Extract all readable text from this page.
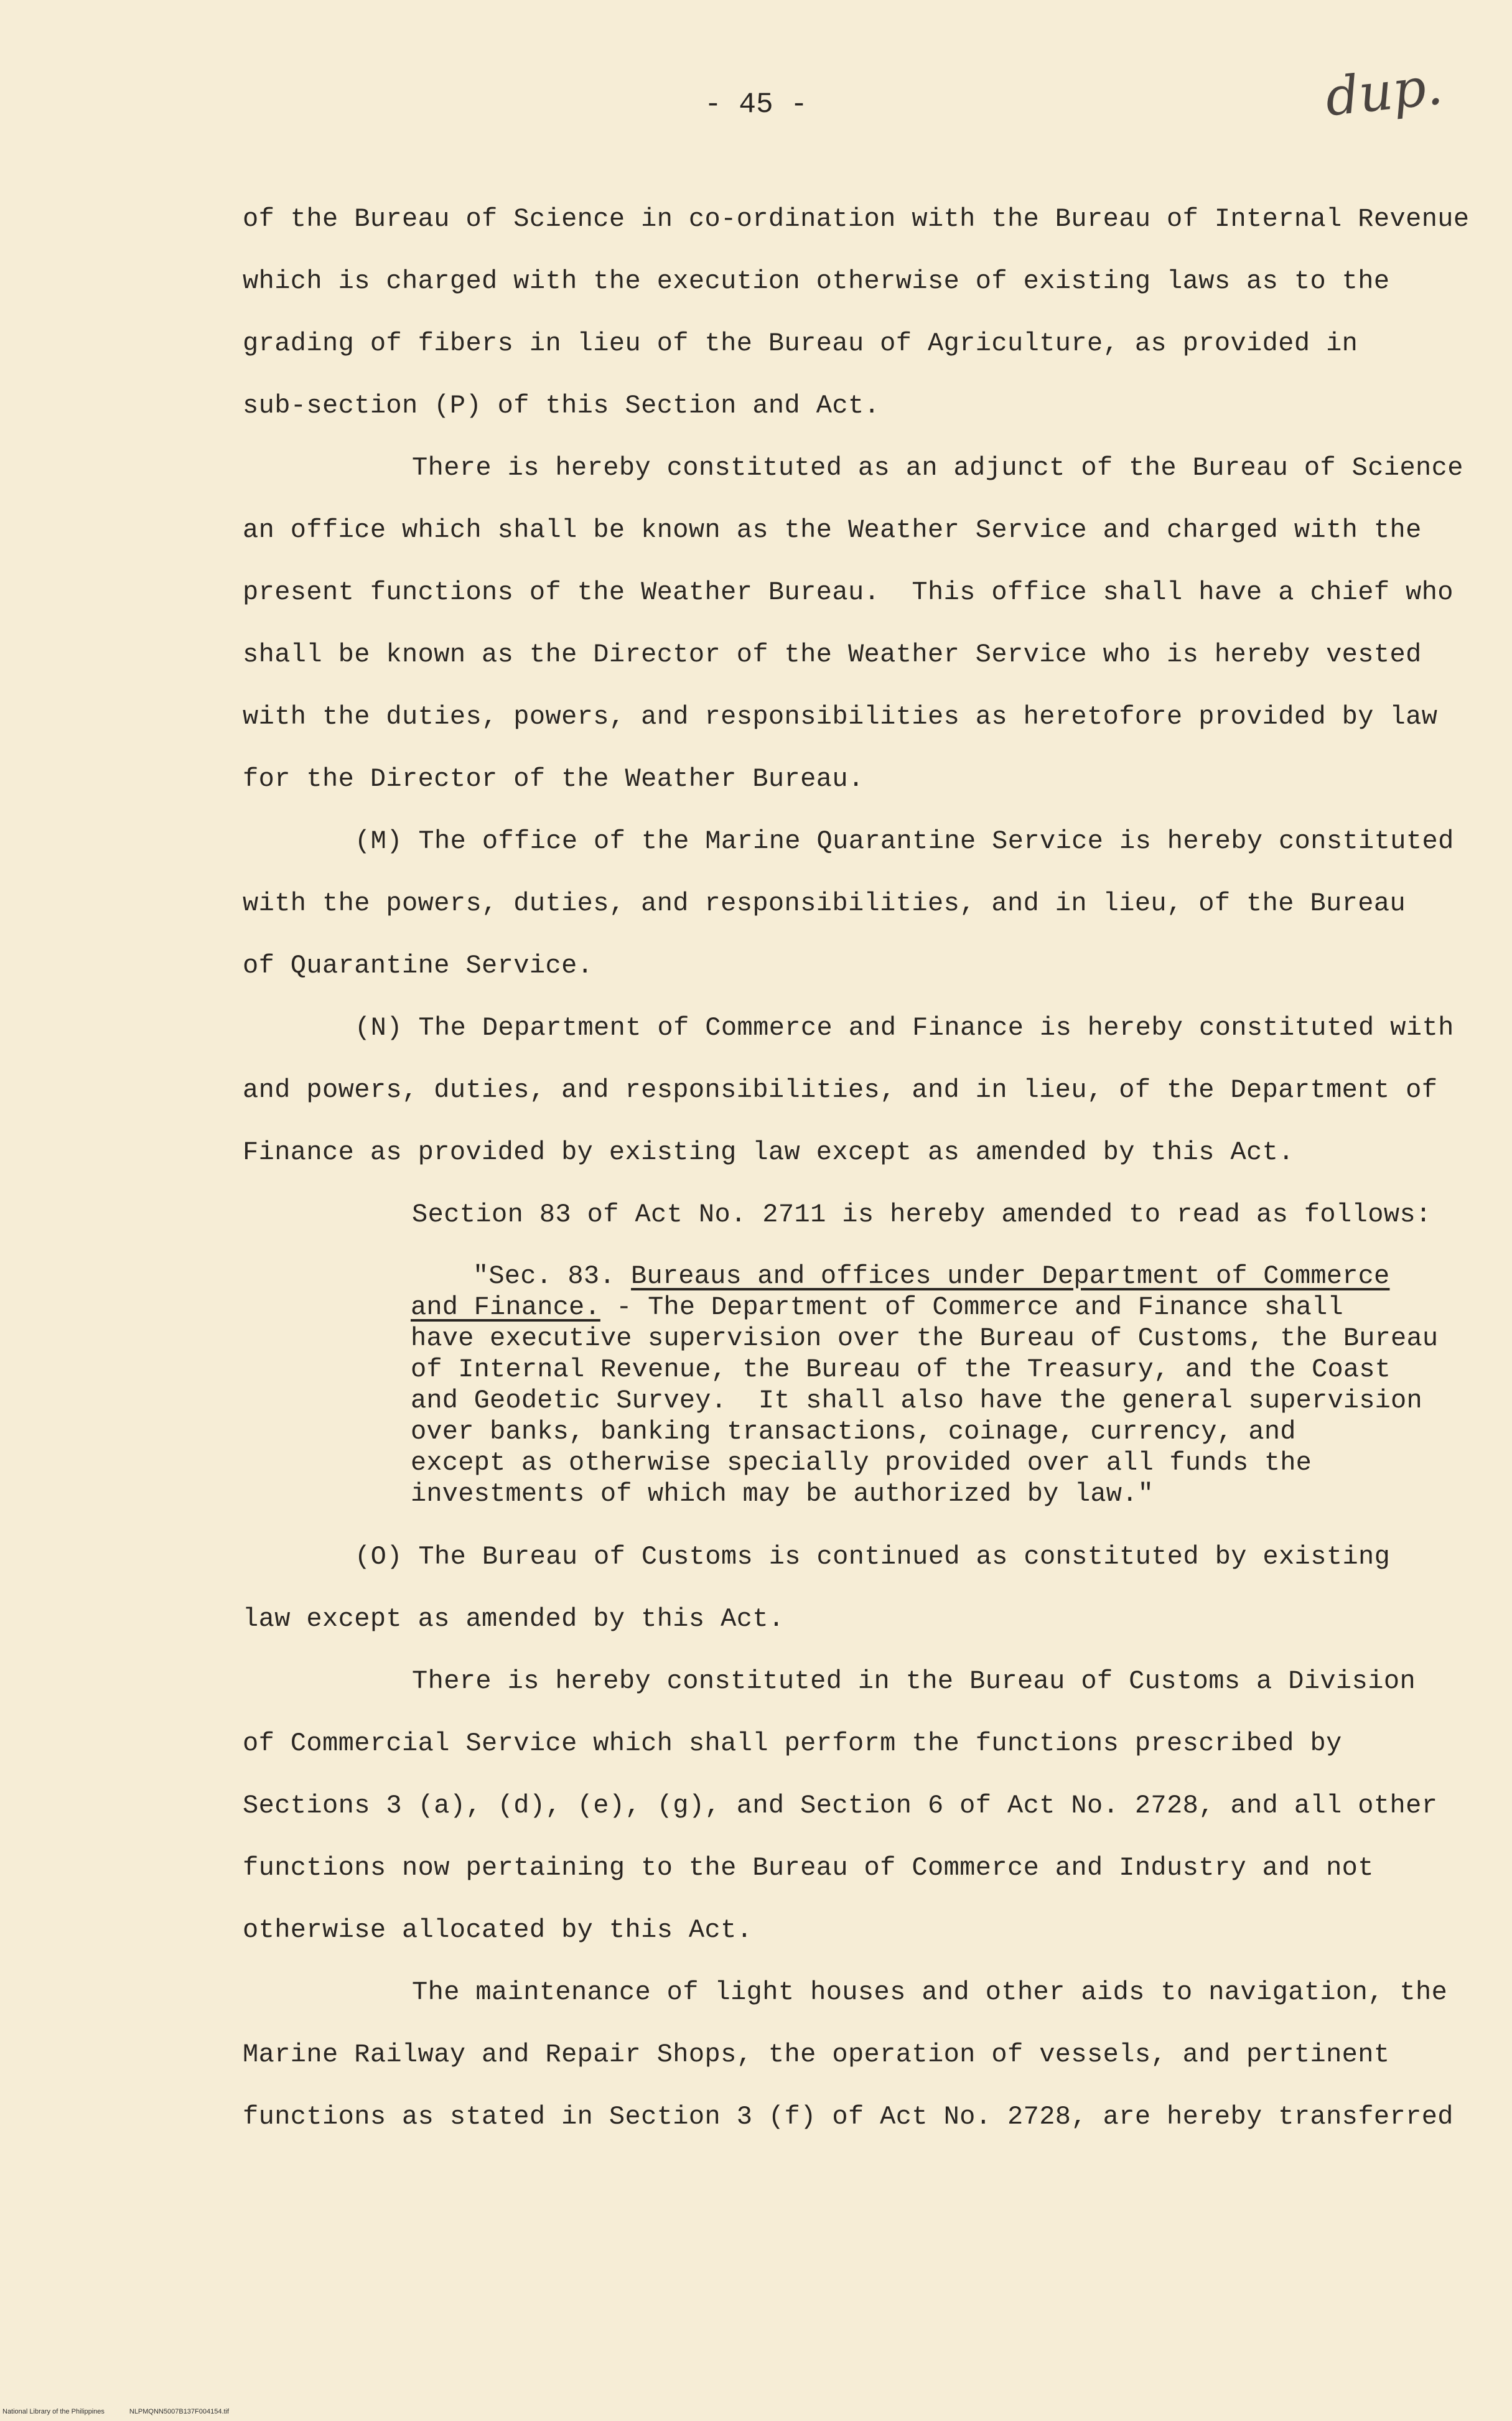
- 45 -	dup.
of the Bureau of Science in co-ordination with the Bureau of Internal Revenue
which is charged with the execution otherwise of existing laws as to the
grading of fibers in lieu of the Bureau of Agriculture, as provided in
sub-section (P) of this Section and Act.
There is hereby constituted as an adjunct of the Bureau of Science
an office which shall be known as the Weather Service and charged with the
present functions of the Weather Bureau.  This office shall have a chief who
shall be known as the Director of the Weather Service who is hereby vested
with the duties, powers, and responsibilities as heretofore provided by law
for the Director of the Weather Bureau.
(M) The office of the Marine Quarantine Service is hereby constituted
with the powers, duties, and responsibilities, and in lieu, of the Bureau
of Quarantine Service.
(N) The Department of Commerce and Finance is hereby constituted with
and powers, duties, and responsibilities, and in lieu, of the Department of
Finance as provided by existing law except as amended by this Act.
Section 83 of Act No. 2711 is hereby amended to read as follows:
"Sec. 83. Bureaus and offices under Department of Commerce
and Finance. - The Department of Commerce and Finance shall
have executive supervision over the Bureau of Customs, the Bureau
of Internal Revenue, the Bureau of the Treasury, and the Coast
and Geodetic Survey.  It shall also have the general supervision
over banks, banking transactions, coinage, currency, and
except as otherwise specially provided over all funds the
investments of which may be authorized by law."
(O) The Bureau of Customs is continued as constituted by existing
law except as amended by this Act.
There is hereby constituted in the Bureau of Customs a Division
of Commercial Service which shall perform the functions prescribed by
Sections 3 (a), (d), (e), (g), and Section 6 of Act No. 2728, and all other
functions now pertaining to the Bureau of Commerce and Industry and not
otherwise allocated by this Act.
The maintenance of light houses and other aids to navigation, the
Marine Railway and Repair Shops, the operation of vessels, and pertinent
functions as stated in Section 3 (f) of Act No. 2728, are hereby transferred
National Library of the Philippines	NLPMQNN5007B137F004154.tif
